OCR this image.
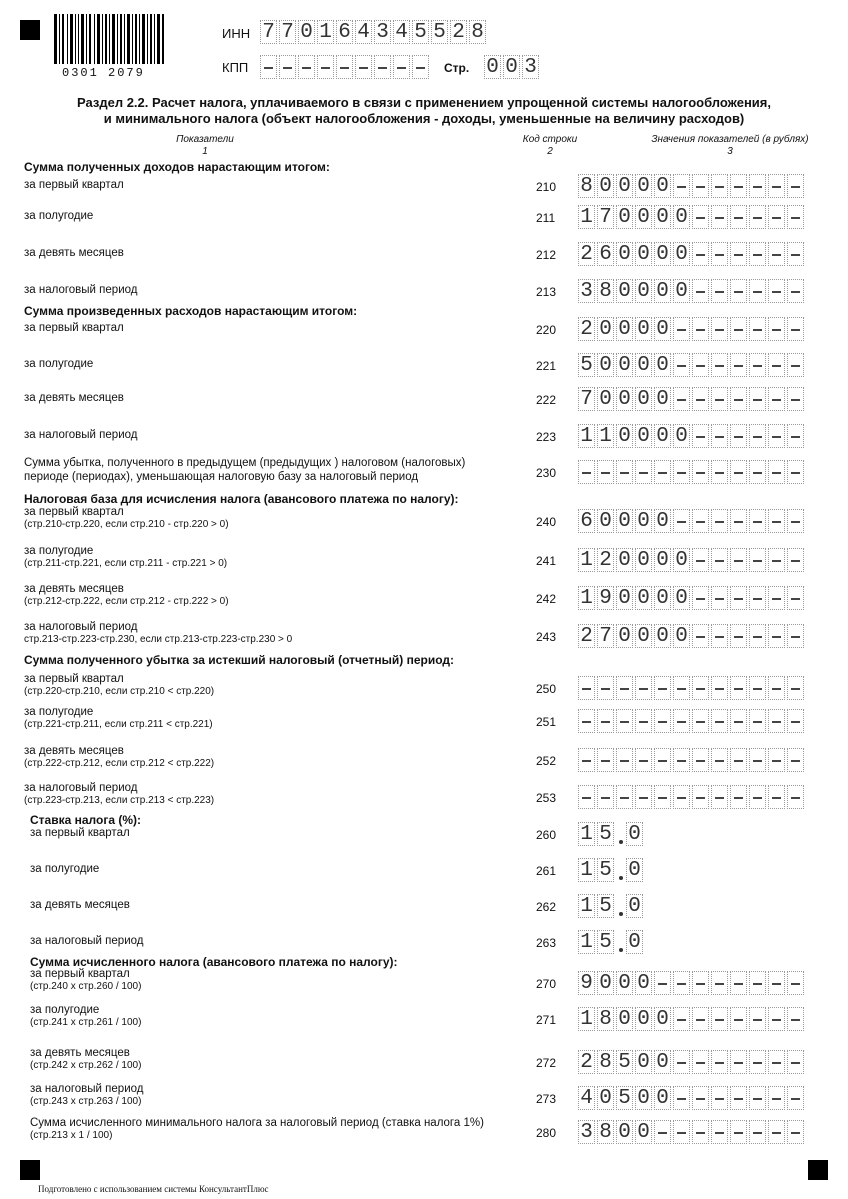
0301 2079
ИНН 7 7 0 1 6 4 3 4 5 5 2 8
КПП	Стр. 0 0 3
Раздел 2.2. Расчет налога, уплачиваемого в связи с применением упрощенной системы налогообложения,
и минимального налога (объект налогообложения - доходы, уменьшенные на величину расходов)
Показатели
1
Код строки
2
Значения показателей (в рублях)
3
Сумма полученных доходов нарастающим итогом:
Сумма произведенных расходов нарастающим итогом:
Налоговая база для исчисления налога (авансового платежа по налогу):
Сумма полученного убытка за истекший налоговый (отчетный) период:
Ставка налога (%):
Сумма исчисленного налога (авансового платежа по налогу):
за первый квартал	210	8 0 0 0 0
за полугодие	211	1 7 0 0 0 0
за девять месяцев	212	2 6 0 0 0 0
за налоговый период	213	3 8 0 0 0 0
за первый квартал	220	2 0 0 0 0
за полугодие	221	5 0 0 0 0
за девять месяцев	222	7 0 0 0 0
за налоговый период	223	1 1 0 0 0 0
Сумма убытка, полученного в предыдущем (предыдущих ) налоговом (налоговых)
периоде (периодах), уменьшающая налоговую базу за налоговый период	230
за первый квартал
(стр.210-стр.220, если стр.210 - стр.220 > 0)	240	6 0 0 0 0
за полугодие
(стр.211-стр.221, если стр.211 - стр.221 > 0)	241	1 2 0 0 0 0
за девять месяцев
(стр.212-стр.222, если стр.212 - стр.222 > 0)	242	1 9 0 0 0 0
за налоговый период
стр.213-стр.223-стр.230, если стр.213-стр.223-стр.230 > 0	243	2 7 0 0 0 0
за первый квартал
(стр.220-стр.210, если стр.210 < стр.220)	250
за полугодие
(стр.221-стр.211, если стр.211 < стр.221)	251
за девять месяцев
(стр.222-стр.212, если стр.212 < стр.222)	252
за налоговый период
(стр.223-стр.213, если стр.213 < стр.223)	253
за первый квартал	260	1 5 0
за полугодие	261	1 5 0
за девять месяцев	262	1 5 0
за налоговый период	263	1 5 0
за первый квартал
(стр.240 х стр.260 / 100)	270	9 0 0 0
за полугодие
(стр.241 х стр.261 / 100)	271	1 8 0 0 0
за девять месяцев
(стр.242 х стр.262 / 100)	272	2 8 5 0 0
за налоговый период
(стр.243 х стр.263 / 100)	273	4 0 5 0 0
Сумма исчисленного минимального налога за налоговый период (ставка налога 1%)
(стр.213 х 1 / 100)	280	3 8 0 0
Подготовлено с использованием системы КонсультантПлюс
